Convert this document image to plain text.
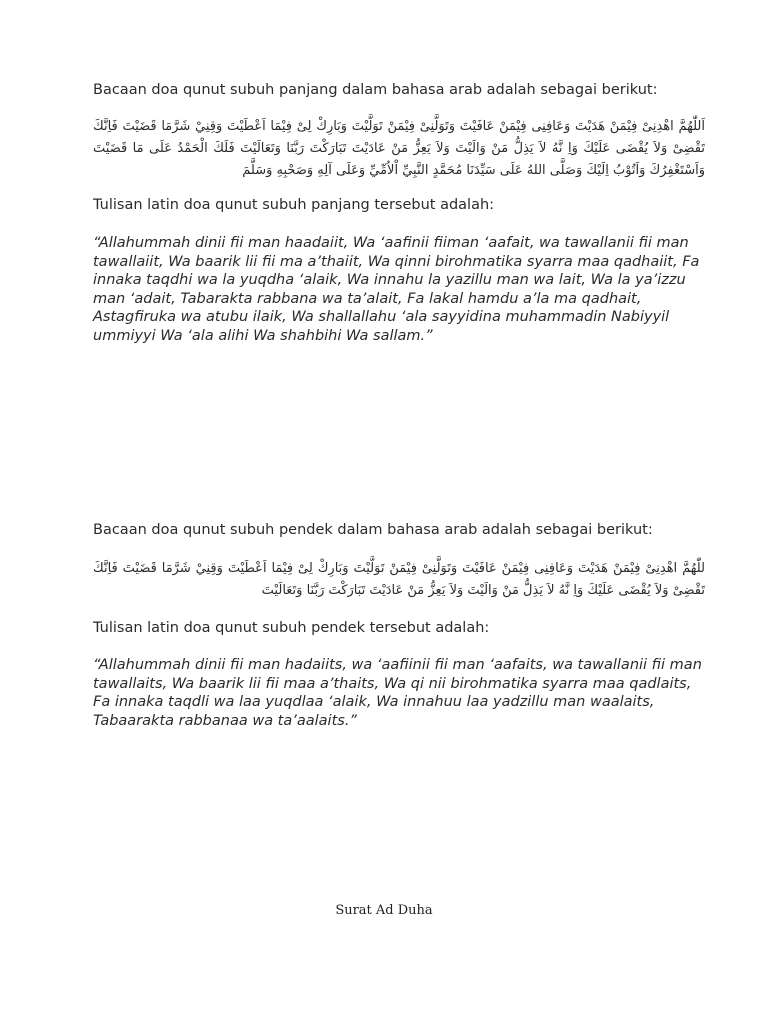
Bacaan doa qunut subuh panjang dalam bahasa arab adalah sebagai berikut:

اَللّٰهُمَّ اهْدِنِىْ فِيْمَنْ هَدَيْتَ وَعَافِنِى فِيْمَنْ عَافَيْتَ وَتَوَلَّنِىْ فِيْمَنْ تَوَلَّيْتَ وَبَارِكْ لِىْ فِيْمَا اَعْطَيْتَ وَقِنِيْ شَرَّمَا قَضَيْتَ فَاِنَّكَ تَقْضِىْ وَلاَ يُقْضَى عَلَيْكَ وَاِ نَّهُ لاَ يَذِلُّ مَنْ وَالَيْتَ وَلاَ يَعِزُّ مَنْ عَادَيْتَ تَبَارَكْتَ رَبَّنَا وَتَعَالَيْتَ فَلَكَ الْحَمْدُ عَلَى مَا قَضَيْتَ وَاَسْتَغْفِرُكَ وَاَتُوْبُ اِلَيْكَ وَصَلَّى اللهُ عَلَى سَيِّدَنَا مُحَمَّدٍ النَّبِيِّ اْلاُمِّيِّ وَعَلَى آلِهِ وَصَحْبِهِ وَسَلَّمَ

Tulisan latin doa qunut subuh panjang tersebut adalah:

“Allahummah dinii fii man haadaiit, Wa ‘aafinii fiiman ‘aafait, wa tawallanii fii man tawallaiit, Wa baarik lii fii ma a’thaiit, Wa qinni birohmatika syarra maa qadhaiit, Fa innaka taqdhi wa la yuqdha ‘alaik, Wa innahu la yazillu man wa lait, Wa la ya’izzu man ‘adait, Tabarakta rabbana wa ta’alait, Fa lakal hamdu a’la ma qadhait, Astagfiruka wa atubu ilaik, Wa shallallahu ‘ala sayyidina muhammadin Nabiyyil ummiyyi Wa ‘ala alihi Wa shahbihi Wa sallam.”

Bacaan doa qunut subuh pendek dalam bahasa arab adalah sebagai berikut:

للّٰهُمَّ اهْدِنِىْ فِيْمَنْ هَدَيْتَ وَعَافِنِى فِيْمَنْ عَافَيْتَ وَتَوَلَّنِىْ فِيْمَنْ تَوَلَّيْتَ وَبَارِكْ لِىْ فِيْمَا اَعْطَيْتَ وَقِنِيْ شَرَّمَا قَضَيْتَ فَاِنَّكَ تَقْضِىْ وَلاَ يُقْضَى عَلَيْكَ وَاِ نَّهُ لاَ يَذِلُّ مَنْ وَالَيْتَ وَلاَ يَعِزُّ مَنْ عَادَيْتَ تَبَارَكْتَ رَبَّنَا وَتَعَالَيْتَ

Tulisan latin doa qunut subuh pendek tersebut adalah:

“Allahummah dinii fii man hadaiits, wa ‘aafiinii fii man ‘aafaits, wa tawallanii fii man tawallaits, Wa baarik lii fii maa a’thaits, Wa qi nii birohmatika syarra maa qadlaits, Fa innaka taqdli wa laa yuqdlaa ‘alaik, Wa innahuu laa yadzillu man waalaits, Tabaarakta rabbanaa wa ta’aalaits.”

Surat Ad Duha
